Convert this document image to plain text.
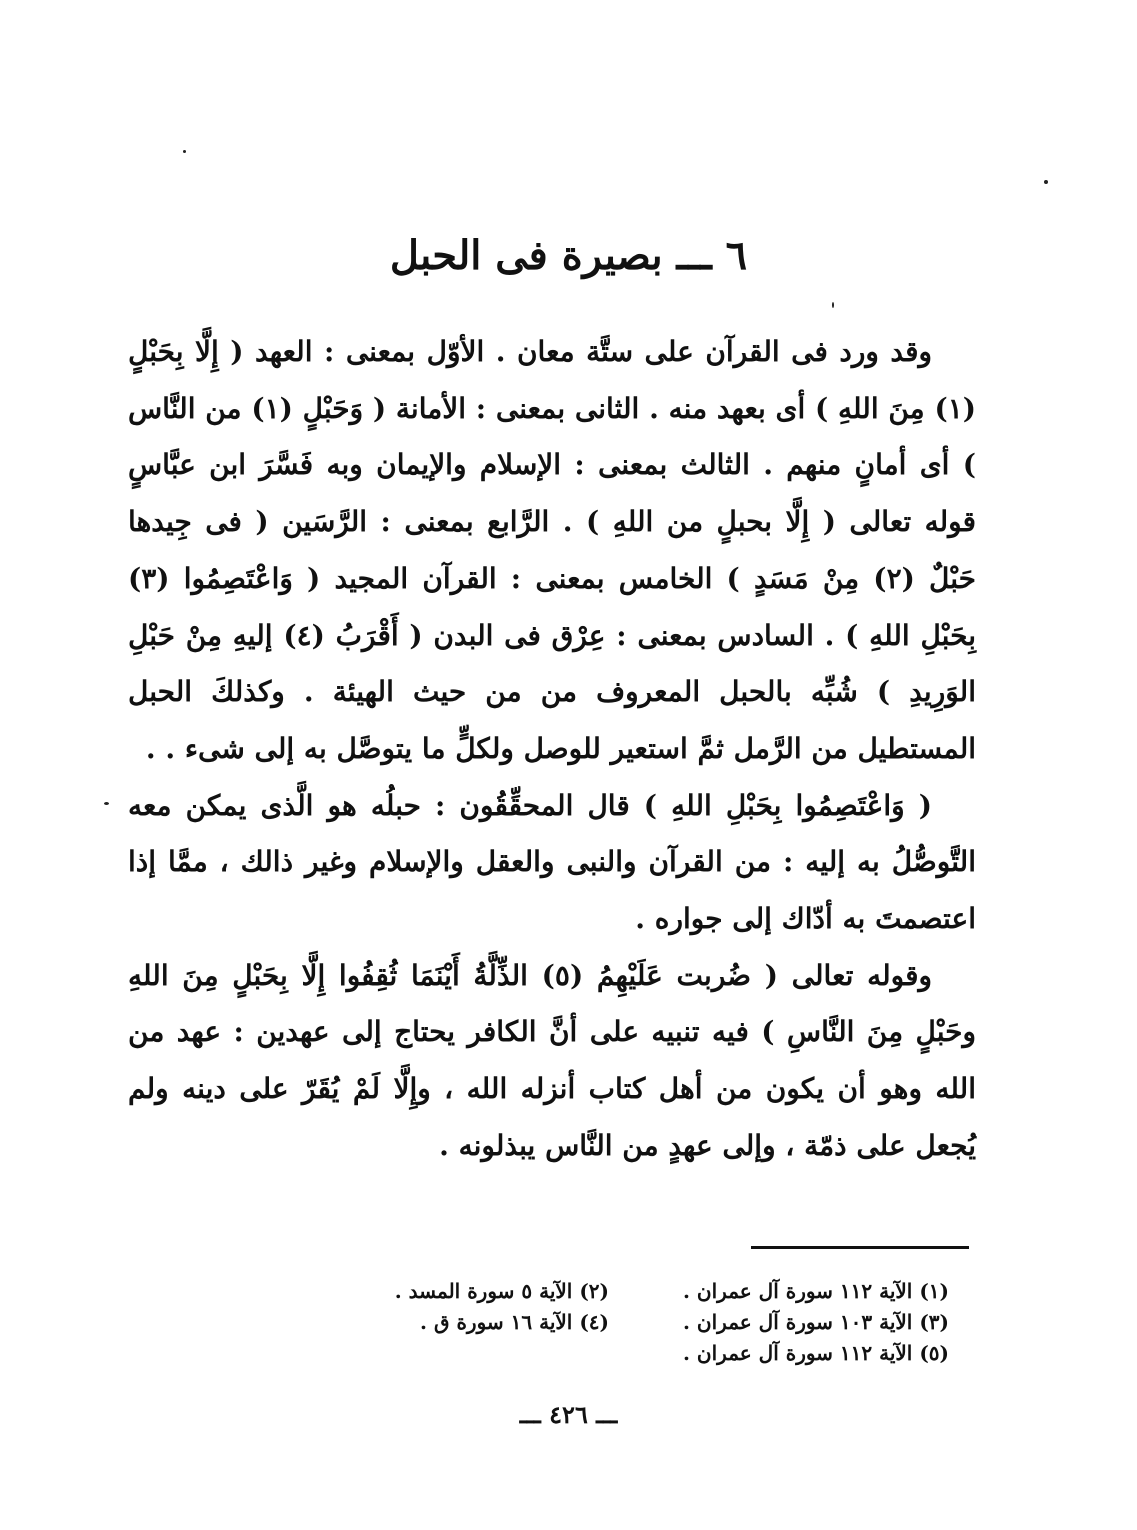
٦ ـــ بصيرة فى الحبل

وقد ورد فى القرآن على ستَّة معان . الأوّل بمعنى : العهد ( إِلَّا بِحَبْلٍ (١) مِنَ اللهِ ) أى بعهد منه . الثانى بمعنى : الأمانة ( وَحَبْلٍ (١) من النَّاس ) أى أمانٍ منهم . الثالث بمعنى : الإسلام والإيمان وبه فَسَّرَ ابن عبَّاسٍ قوله تعالى ( إِلَّا بحبلٍ من اللهِ ) . الرَّابع بمعنى : الرَّسَين ( فى جِيدها حَبْلٌ (٢) مِنْ مَسَدٍ ) الخامس بمعنى : القرآن المجيد ( وَاعْتَصِمُوا (٣) بِحَبْلِ اللهِ ) . السادس بمعنى : عِرْق فى البدن ( أَقْرَبُ (٤) إليهِ مِنْ حَبْلِ الوَرِيدِ ) شُبِّه بالحبل المعروف من من حيث الهيئة . وكذلكَ الحبل المستطيل من الرَّمل ثمَّ استعير للوصل ولكلٍّ ما يتوصَّل به إلى شىء . .

( وَاعْتَصِمُوا بِحَبْلِ اللهِ ) قال المحقِّقُون : حبلُه هو الَّذى يمكن معه التَّوصُّلُ به إليه : من القرآن والنبى والعقل والإسلام وغير ذالك ، ممَّا إذا اعتصمتَ به أدّاك إلى جواره .

وقوله تعالى ( ضُربت عَلَيْهِمُ (٥) الذِّلَّةُ أَيْنَمَا ثُقِفُوا إِلَّا بِحَبْلٍ مِنَ اللهِ وحَبْلٍ مِنَ النَّاسِ ) فيه تنبيه على أنَّ الكافر يحتاج إلى عهدين : عهد من الله وهو أن يكون من أهل كتاب أنزله الله ، وإِلَّا لَمْ يُقَرّ على دينه ولم يُجعل على ذمّة ، وإلى عهدٍ من النَّاس يبذلونه .

(١) الآية ١١٢ سورة آل عمران .
(٢) الآية ٥ سورة المسد .
(٣) الآية ١٠٣ سورة آل عمران .
(٤) الآية ١٦ سورة ق .
(٥) الآية ١١٢ سورة آل عمران .
ـــ ٤٢٦ ـــ
